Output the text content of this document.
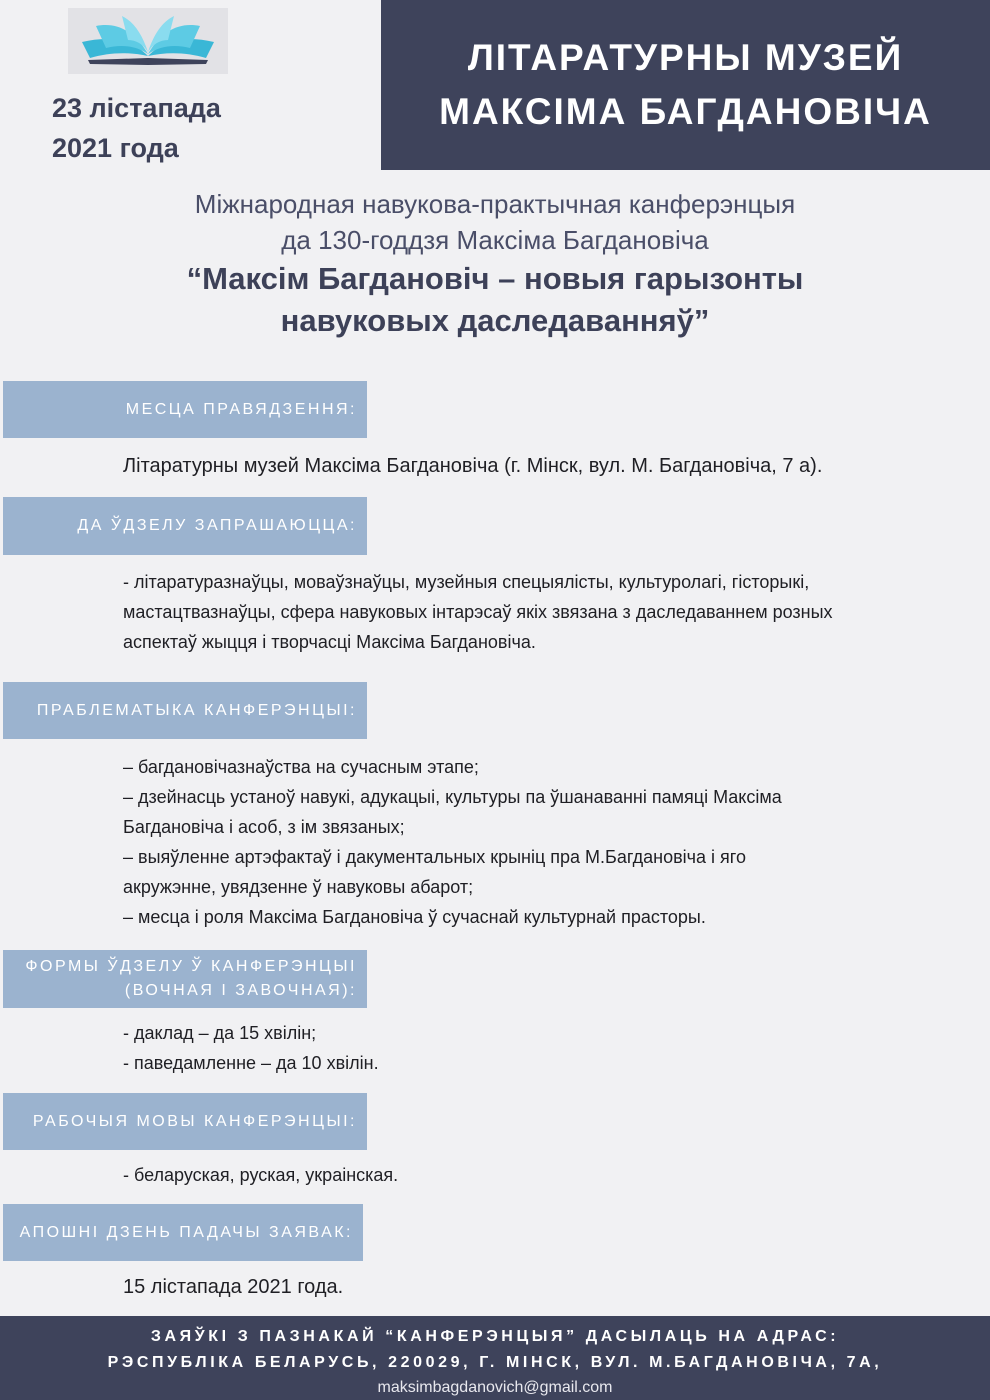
23 лістапада
2021 года
ЛІТАРАТУРНЫ МУЗЕЙ
МАКСІМА БАГДАНОВІЧА
Міжнародная навукова-практычная канферэнцыя
да 130-годдзя Максіма Багдановіча
“Максім Багдановіч – новыя гарызонты
навуковых даследаванняў”
МЕСЦА ПРАВЯДЗЕННЯ:
Літаратурны музей Максіма Багдановіча (г. Мінск, вул. М. Багдановіча, 7 а).
ДА ЎДЗЕЛУ ЗАПРАШАЮЦЦА:
- літаратуразнаўцы, моваўзнаўцы, музейныя спецыялісты, культуролагі, гісторыкі,
мастацтвазнаўцы, сфера навуковых інтарэсаў якіх звязана з даследаваннем розных
аспектаў жыцця і творчасці Максіма Багдановіча.
ПРАБЛЕМАТЫКА КАНФЕРЭНЦЫІ:
– багдановічазнаўства на сучасным этапе;
– дзейнасць устаноў навукі, адукацыі, культуры па ўшанаванні памяці Максіма
Багдановіча і асоб, з ім звязаных;
– выяўленне артэфактаў і дакументальных крыніц пра М.Багдановіча і яго
акружэнне, увядзенне ў навуковы абарот;
– месца і роля Максіма Багдановіча ў сучаснай культурнай прасторы.
ФОРМЫ ЎДЗЕЛУ Ў КАНФЕРЭНЦЫІ
(ВОЧНАЯ І ЗАВОЧНАЯ):
- даклад – да 15 хвілін;
- паведамленне – да 10 хвілін.
РАБОЧЫЯ МОВЫ КАНФЕРЭНЦЫІ:
- беларуская, руская, украінская.
АПОШНІ ДЗЕНЬ ПАДАЧЫ ЗАЯВАК:
15 лістапада 2021 года.
ЗАЯЎКІ З ПАЗНАКАЙ “КАНФЕРЭНЦЫЯ” ДАСЫЛАЦЬ НА АДРАС:
РЭСПУБЛІКА БЕЛАРУСЬ, 220029, Г. МІНСК, ВУЛ. М.БАГДАНОВІЧА, 7А,
maksimbagdanovich@gmail.com
